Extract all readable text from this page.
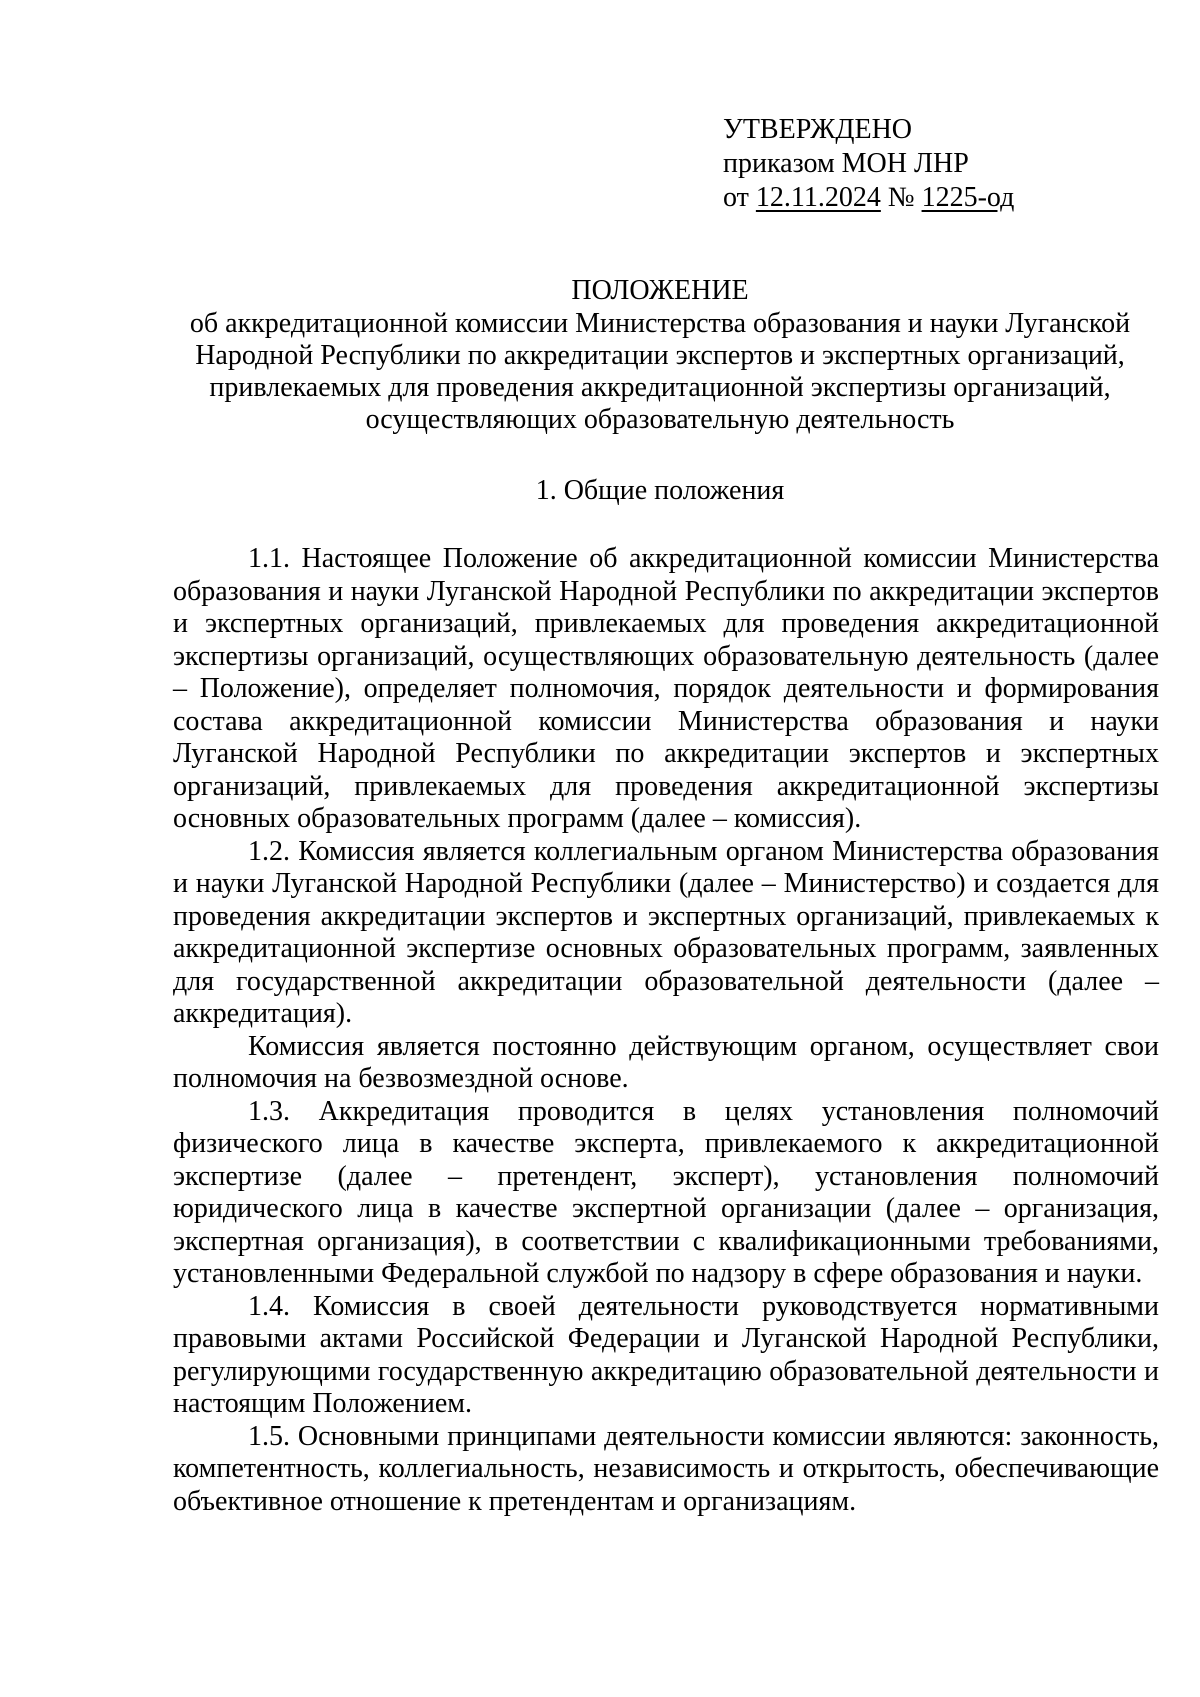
УТВЕРЖДЕНО
приказом МОН ЛНР
от 12.11.2024 № 1225-од
ПОЛОЖЕНИЕ
об аккредитационной комиссии Министерства образования и науки Луганской
Народной Республики по аккредитации экспертов и экспертных организаций,
привлекаемых для проведения аккредитационной экспертизы организаций,
осуществляющих образовательную деятельность
1. Общие положения

1.1. Настоящее Положение об аккредитационной комиссии Министерства образования и науки Луганской Народной Республики по аккредитации экспертов и экспертных организаций, привлекаемых для проведения аккредитационной экспертизы организаций, осуществляющих образовательную деятельность (далее – Положение), определяет полномочия, порядок деятельности и формирования состава аккредитационной комиссии Министерства образования и науки Луганской Народной Республики по аккредитации экспертов и экспертных организаций, привлекаемых для проведения аккредитационной экспертизы основных образовательных программ (далее – комиссия).

1.2. Комиссия является коллегиальным органом Министерства образования и науки Луганской Народной Республики (далее – Министерство) и создается для проведения аккредитации экспертов и экспертных организаций, привлекаемых к аккредитационной экспертизе основных образовательных программ, заявленных для государственной аккредитации образовательной деятельности (далее – аккредитация).

Комиссия является постоянно действующим органом, осуществляет свои полномочия на безвозмездной основе.

1.3. Аккредитация проводится в целях установления полномочий физического лица в качестве эксперта, привлекаемого к аккредитационной экспертизе (далее – претендент, эксперт), установления полномочий юридического лица в качестве экспертной организации (далее – организация, экспертная организация), в соответствии с квалификационными требованиями, установленными Федеральной службой по надзору в сфере образования и науки.

1.4. Комиссия в своей деятельности руководствуется нормативными правовыми актами Российской Федерации и Луганской Народной Республики, регулирующими государственную аккредитацию образовательной деятельности и настоящим Положением.

1.5. Основными принципами деятельности комиссии являются: законность, компетентность, коллегиальность, независимость и открытость, обеспечивающие объективное отношение к претендентам и организациям.
